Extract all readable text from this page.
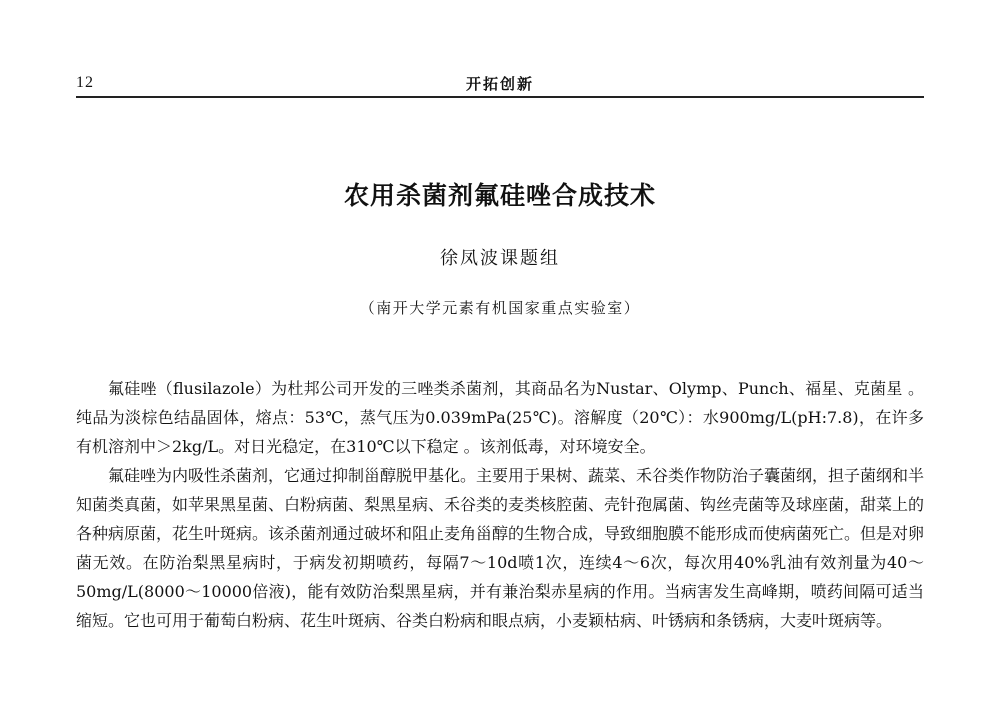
12	开拓创新
农用杀菌剂氟硅唑合成技术
徐凤波课题组
（南开大学元素有机国家重点实验室）

氟硅唑（flusilazole）为杜邦公司开发的三唑类杀菌剂，其商品名为Nustar、Olymp、Punch、福星、克菌星 。纯品为淡棕色结晶固体，熔点：53℃，蒸气压为0.039mPa(25℃)。溶解度（20℃）：水900mg/L(pH:7.8)，在许多有机溶剂中＞2kg/L。对日光稳定，在310℃以下稳定 。该剂低毒，对环境安全。

氟硅唑为内吸性杀菌剂，它通过抑制甾醇脱甲基化。主要用于果树、蔬菜、禾谷类作物防治子囊菌纲，担子菌纲和半知菌类真菌，如苹果黑星菌、白粉病菌、梨黑星病、禾谷类的麦类核腔菌、壳针孢属菌、钩丝壳菌等及球座菌，甜菜上的各种病原菌，花生叶斑病。该杀菌剂通过破坏和阻止麦角甾醇的生物合成，导致细胞膜不能形成而使病菌死亡。但是对卵菌无效。在防治梨黑星病时，于病发初期喷药，每隔7～10d喷1次，连续4～6次，每次用40%乳油有效剂量为40～50mg/L(8000～10000倍液)，能有效防治梨黑星病，并有兼治梨赤星病的作用。当病害发生高峰期，喷药间隔可适当缩短。它也可用于葡萄白粉病、花生叶斑病、谷类白粉病和眼点病，小麦颖枯病、叶锈病和条锈病，大麦叶斑病等。
